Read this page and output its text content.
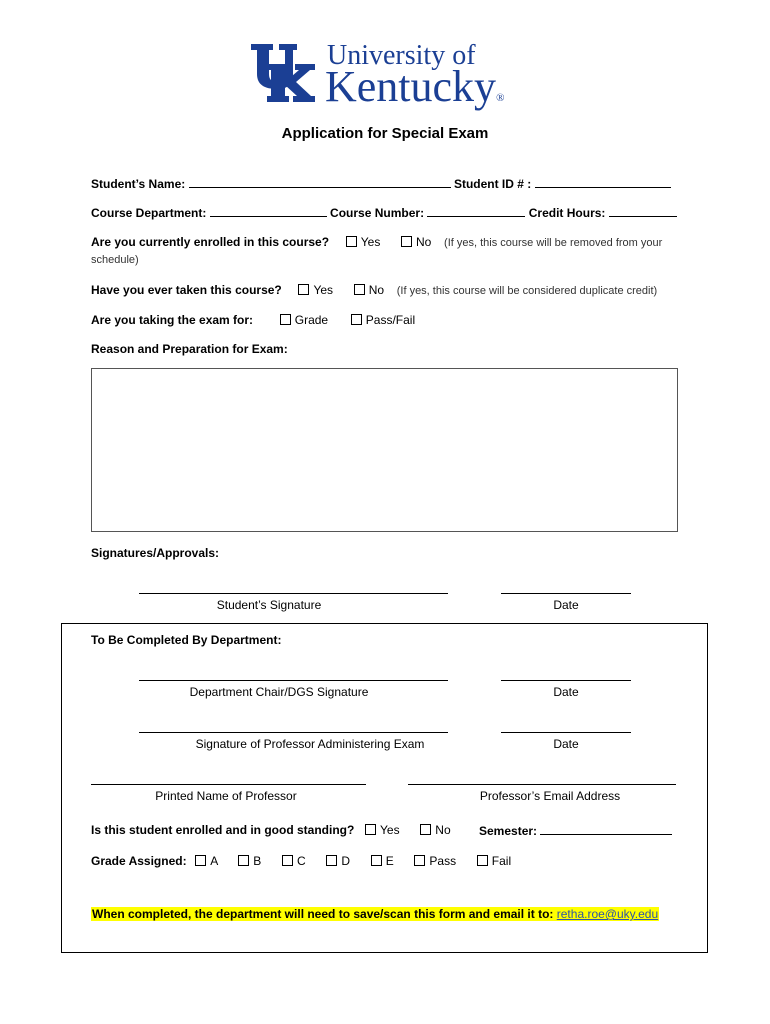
University of
Kentucky®
Application for Special Exam
Student’s Name:	Student ID # :
Course Department:	Course Number:	Credit Hours:
Are you currently enrolled in this course?	Yes	No (If yes, this course will be removed from your
schedule)
Have you ever taken this course?	Yes	No (If yes, this course will be considered duplicate credit)
Are you taking the exam for:	Grade	Pass/Fail
Reason and Preparation for Exam:
Signatures/Approvals:
Student’s Signature	Date
To Be Completed By Department:
Department Chair/DGS Signature	Date
Signature of Professor Administering Exam	Date
Printed Name of Professor	Professor’s Email Address
Is this student enrolled and in good standing? Yes	No Semester:
Grade Assigned: A	B	C	D	E	Pass	Fail
When completed, the department will need to save/scan this form and email it to: retha.roe@uky.edu
